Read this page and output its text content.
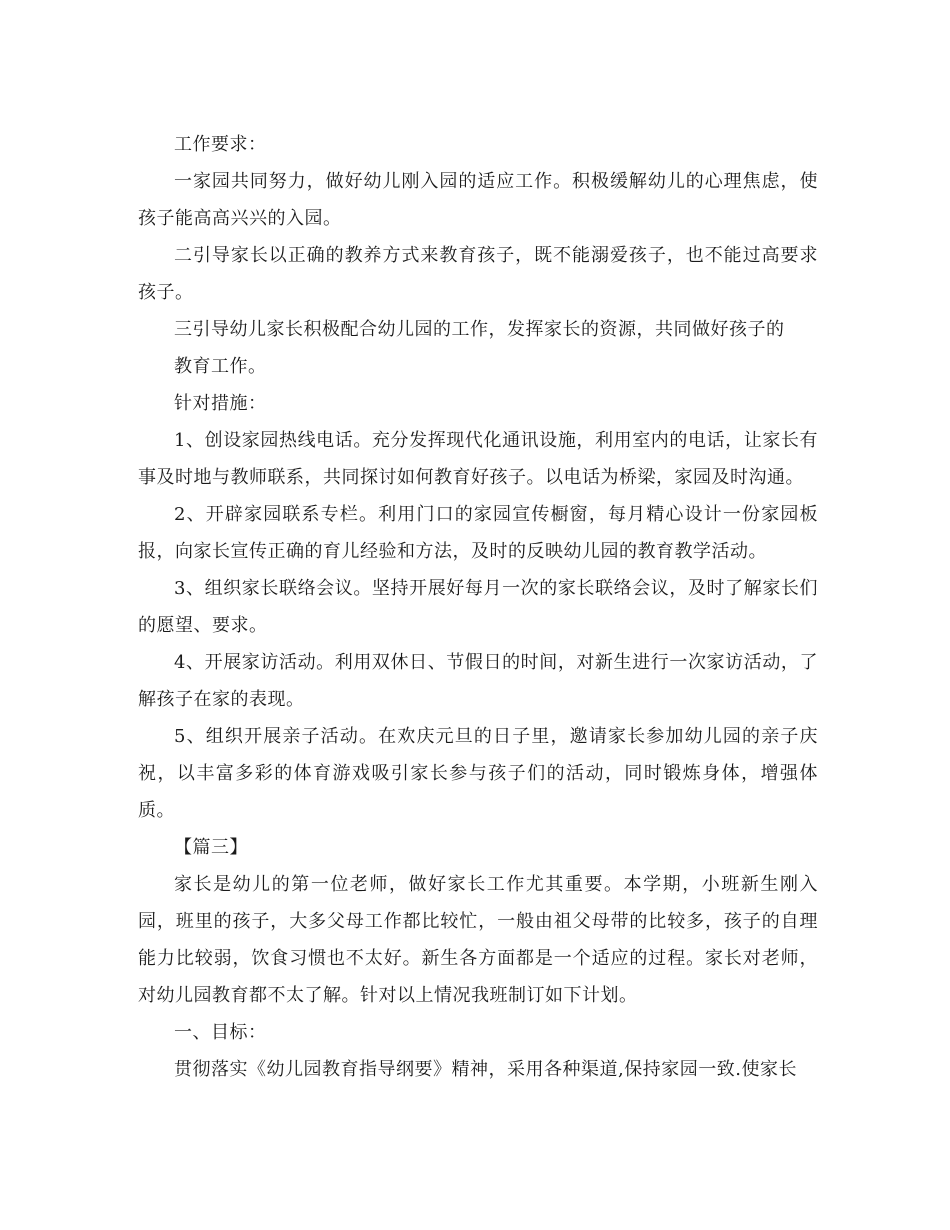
工作要求：

一家园共同努力，做好幼儿刚入园的适应工作。积极缓解幼儿的心理焦虑，使孩子能高高兴兴的入园。

二引导家长以正确的教养方式来教育孩子，既不能溺爱孩子，也不能过高要求孩子。

三引导幼儿家长积极配合幼儿园的工作，发挥家长的资源，共同做好孩子的

教育工作。

针对措施：

1、创设家园热线电话。充分发挥现代化通讯设施，利用室内的电话，让家长有事及时地与教师联系，共同探讨如何教育好孩子。以电话为桥梁，家园及时沟通。

2、开辟家园联系专栏。利用门口的家园宣传橱窗，每月精心设计一份家园板报，向家长宣传正确的育儿经验和方法，及时的反映幼儿园的教育教学活动。

3、组织家长联络会议。坚持开展好每月一次的家长联络会议，及时了解家长们的愿望、要求。

4、开展家访活动。利用双休日、节假日的时间，对新生进行一次家访活动，了解孩子在家的表现。

5、组织开展亲子活动。在欢庆元旦的日子里，邀请家长参加幼儿园的亲子庆祝，以丰富多彩的体育游戏吸引家长参与孩子们的活动，同时锻炼身体，增强体质。

【篇三】

家长是幼儿的第一位老师，做好家长工作尤其重要。本学期，小班新生刚入园，班里的孩子，大多父母工作都比较忙，一般由祖父母带的比较多，孩子的自理能力比较弱，饮食习惯也不太好。新生各方面都是一个适应的过程。家长对老师，对幼儿园教育都不太了解。针对以上情况我班制订如下计划。

一、目标：

贯彻落实《幼儿园教育指导纲要》精神，采用各种渠道,保持家园一致.使家长
